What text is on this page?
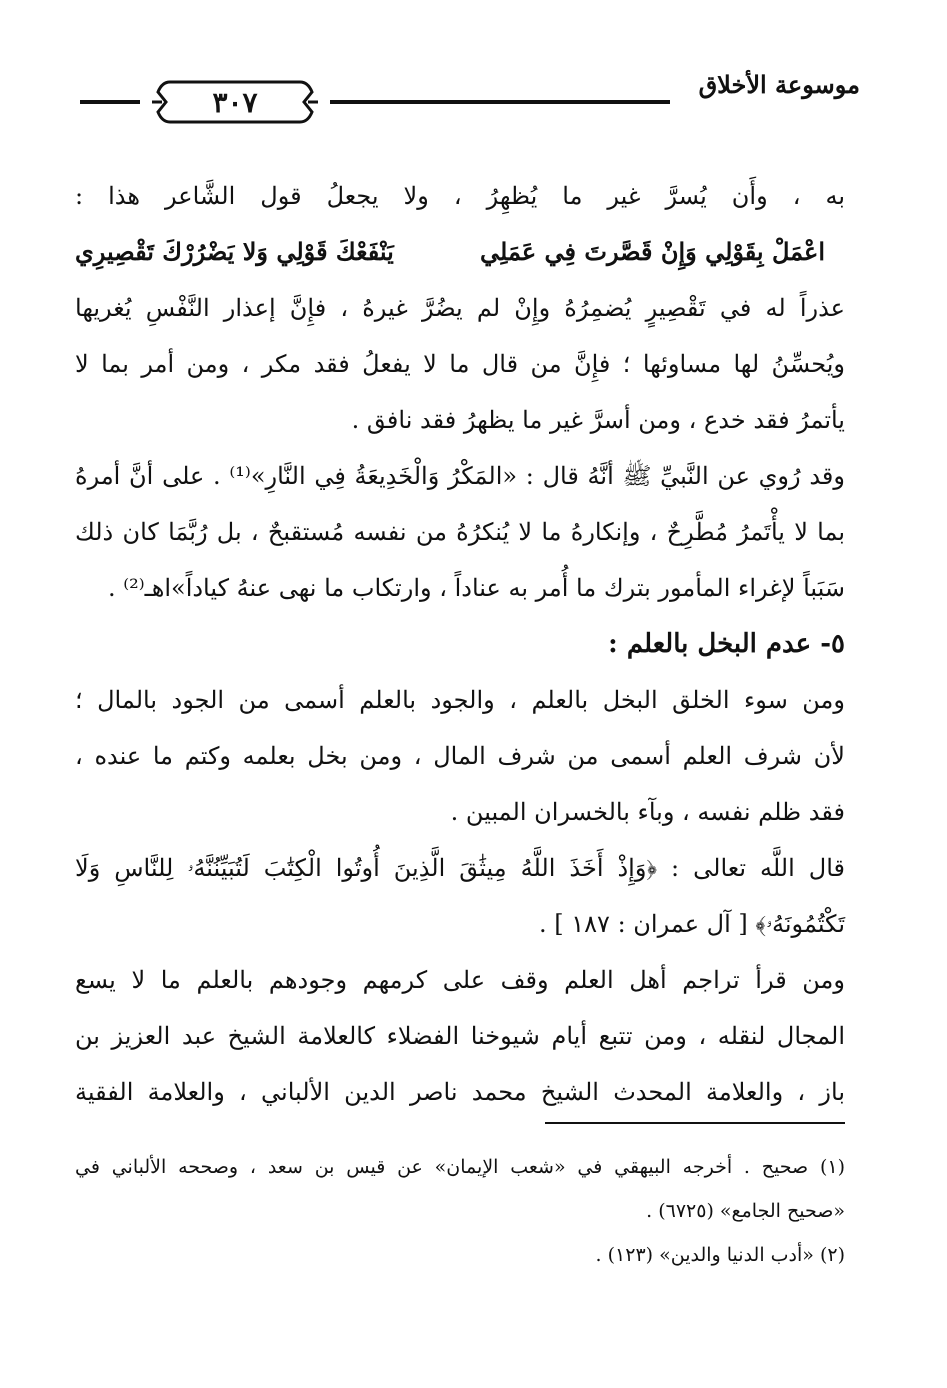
موسوعة الأخلاق
٣٠٧
به ، وأَن يُسرَّ غير ما يُظهِرُ ، ولا يجعلُ قول الشَّاعر هذا :
اعْمَلْ بِقَوْلِي وَإِنْ قَصَّرتَ فِي عَمَلِي
يَنْفَعْكَ قَوْلِي وَلا يَضْرُرْكَ تَقْصِيرِي
عذراً له في تَقْصِيرٍ يُضمِرُهُ وإِنْ لم يضُرَّ غيرهُ ، فإِنَّ إعذار النَّفْسِ يُغريها
ويُحسِّنُ لها مساوئها ؛ فإِنَّ من قال ما لا يفعلُ فقد مكر ، ومن أمر بما لا
يأتمرُ فقد خدع ، ومن أسرَّ غير ما يظهرُ فقد نافق .
وقد رُوي عن النَّبيِّ ﷺ أنَّهُ قال : «المَكْرُ وَالْخَدِيعَةُ فِي النَّارِ»⁽¹⁾ . على أنَّ أمرهُ
بما لا يأْتَمرُ مُطَّرِحٌ ، وإنكارهُ ما لا يُنكرُهُ من نفسه مُستقبحٌ ، بل رُبَّمَا كان ذلك
سَبَباً لإغراء المأمور بترك ما أُمر به عناداً ، وارتكاب ما نهى عنهُ كياداً»اهـ⁽²⁾ .
٥- عدم البخل بالعلم :
ومن سوء الخلق البخل بالعلم ، والجود بالعلم أسمى من الجود بالمال ؛
لأن شرف العلم أسمى من شرف المال ، ومن بخل بعلمه وكتم ما عنده ،
فقد ظلم نفسه ، وبآء بالخسران المبين .
قال اللَّه تعالى : ﴿وَإِذْ أَخَذَ اللَّهُ مِيثَٰقَ الَّذِينَ أُوتُوا الْكِتَٰبَ لَتُبَيِّنُنَّهُۥ لِلنَّاسِ وَلَا
تَكْتُمُونَهُۥ﴾ [ آل عمران : ١٨٧ ] .
ومن قرأ تراجم أهل العلم وقف على كرمهم وجودهم بالعلم ما لا يسع
المجال لنقله ، ومن تتبع أيام شيوخنا الفضلاء كالعلامة الشيخ عبد العزيز بن
باز ، والعلامة المحدث الشيخ محمد ناصر الدين الألباني ، والعلامة الفقية
(١) صحيح . أخرجه البيهقي في «شعب الإيمان» عن قيس بن سعد ، وصححه الألباني في
«صحيح الجامع» (٦٧٢٥) .
(٢) «أدب الدنيا والدين» (١٢٣) .
